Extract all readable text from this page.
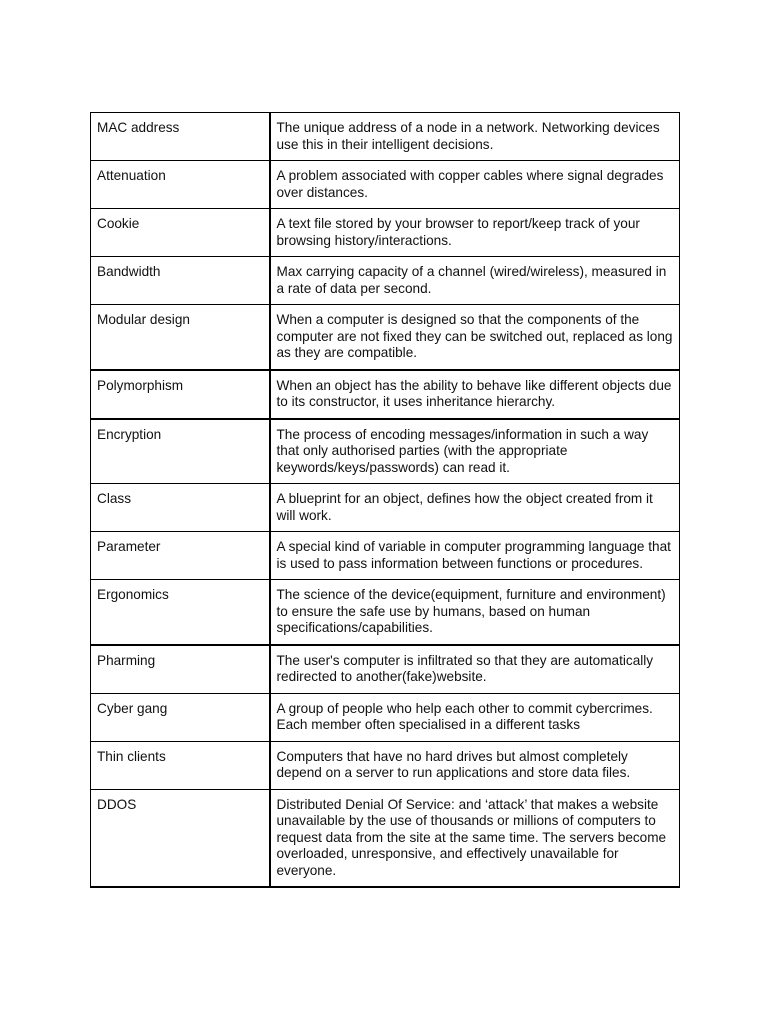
MAC address	The unique address of a node in a network. Networking devices use this in their intelligent decisions.
Attenuation	A problem associated with copper cables where signal degrades over distances.
Cookie	A text file stored by your browser to report/keep track of your browsing history/interactions.
Bandwidth	Max carrying capacity of a channel (wired/wireless), measured in a rate of data per second.
Modular design	When a computer is designed so that the components of the computer are not fixed they can be switched out, replaced as long as they are compatible.
Polymorphism	When an object has the ability to behave like different objects due to its constructor, it uses inheritance hierarchy.
Encryption	The process of encoding messages/information in such a way that only authorised parties (with the appropriate keywords/keys/passwords) can read it.
Class	A blueprint for an object, defines how the object created from it will work.
Parameter	A special kind of variable in computer programming language that is used to pass information between functions or procedures.
Ergonomics	The science of the device(equipment, furniture and environment) to ensure the safe use by humans, based on human specifications/capabilities.
Pharming	The user's computer is infiltrated so that they are automatically redirected to another(fake)website.
Cyber gang	A group of people who help each other to commit cybercrimes. Each member often specialised in a different tasks
Thin clients	Computers that have no hard drives but almost completely depend on a server to run applications and store data files.
DDOS	Distributed Denial Of Service: and ‘attack’ that makes a website unavailable by the use of thousands or millions of computers to request data from the site at the same time. The servers become overloaded, unresponsive, and effectively unavailable for everyone.
